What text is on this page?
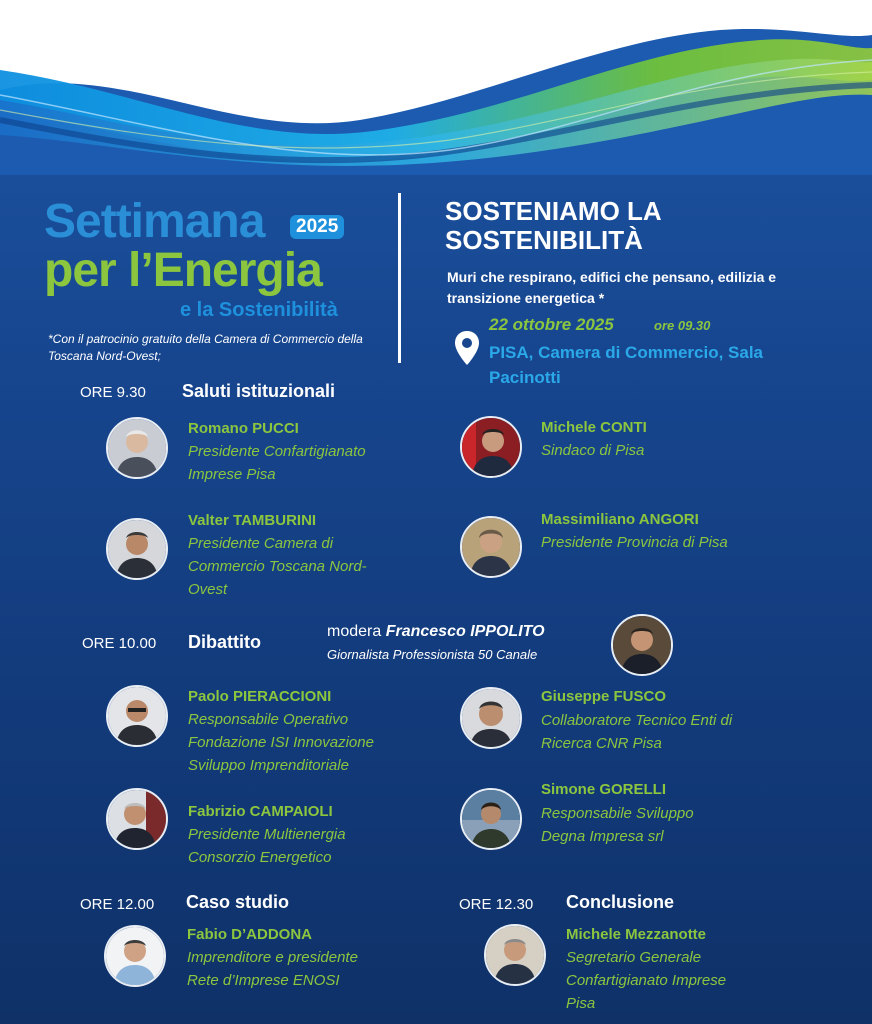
Settimana
per l’Energia
e la Sostenibilità
2025
*Con il patrocinio gratuito della Camera di Commercio della Toscana Nord-Ovest;
SOSTENIAMO LA SOSTENIBILITÀ
Muri che respirano, edifici che pensano, edilizia e transizione energetica *
22 ottobre 2025	ore 09.30
PISA, Camera di Commercio, Sala Pacinotti
ORE 9.30 Saluti istituzionali
Romano PUCCI
Presidente Confartigianato
Imprese Pisa
Michele CONTI
Sindaco di Pisa
Valter TAMBURINI
Presidente Camera di
Commercio Toscana Nord-
Ovest
Massimiliano ANGORI
Presidente Provincia di Pisa
ORE 10.00 Dibattito
modera Francesco IPPOLITO
Giornalista Professionista 50 Canale
Paolo PIERACCIONI
Responsabile Operativo
Fondazione ISI Innovazione
Sviluppo Imprenditoriale
Giuseppe FUSCO
Collaboratore Tecnico Enti di
Ricerca CNR Pisa
Simone GORELLI
Responsabile Sviluppo
Degna Impresa srl
Fabrizio CAMPAIOLI
Presidente Multienergia
Consorzio Energetico
ORE 12.00 Caso studio	ORE 12.30 Conclusione
Fabio D’ADDONA
Imprenditore e presidente
Rete d’Imprese ENOSI
Michele Mezzanotte
Segretario Generale
Confartigianato Imprese
Pisa
